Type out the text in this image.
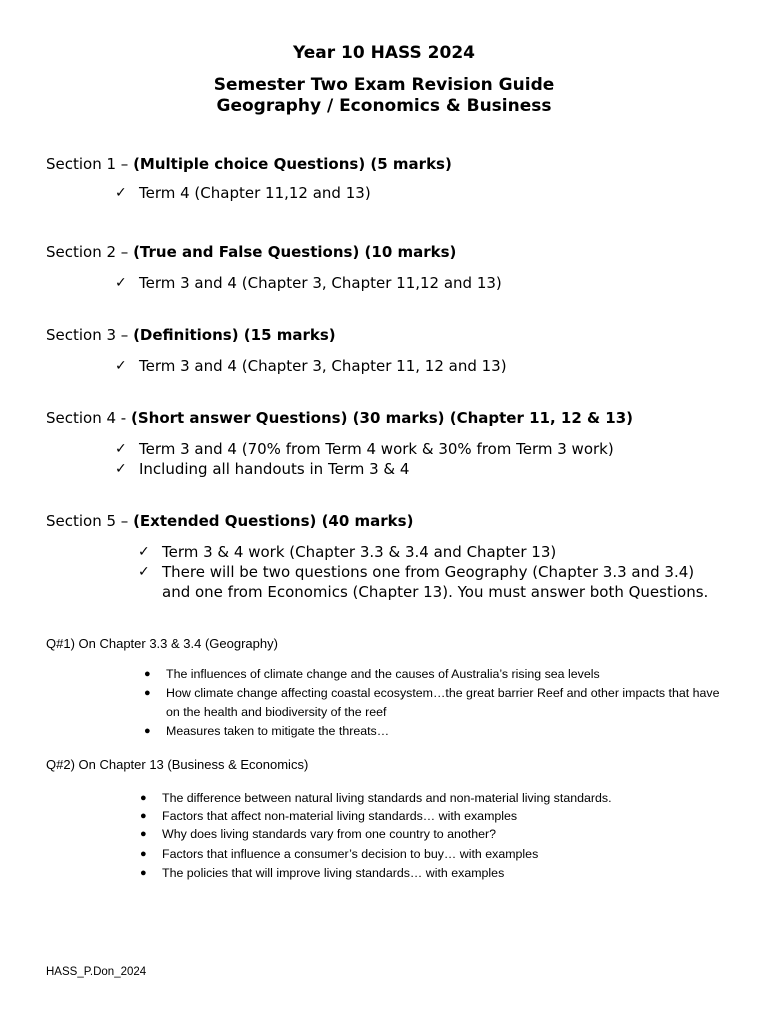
Year 10 HASS 2024
Semester Two Exam Revision Guide
Geography / Economics & Business
Section 1 – (Multiple choice Questions) (5 marks)
✓ Term 4 (Chapter 11,12 and 13)
Section 2 – (True and False Questions) (10 marks)
✓ Term 3 and 4 (Chapter 3, Chapter 11,12 and 13)
Section 3 – (Definitions) (15 marks)
✓ Term 3 and 4 (Chapter 3, Chapter 11, 12 and 13)
Section 4 - (Short answer Questions) (30 marks) (Chapter 11, 12 & 13)
✓ Term 3 and 4 (70% from Term 4 work & 30% from Term 3 work)
✓ Including all handouts in Term 3 & 4
Section 5 – (Extended Questions) (40 marks)
✓ Term 3 & 4 work (Chapter 3.3 & 3.4 and Chapter 13)
✓ There will be two questions one from Geography (Chapter 3.3 and 3.4) and one from Economics (Chapter 13). You must answer both Questions.
Q#1) On Chapter 3.3 & 3.4 (Geography)
● The influences of climate change and the causes of Australia’s rising sea levels
● How climate change affecting coastal ecosystem…the great barrier Reef and other impacts that have on the health and biodiversity of the reef
● Measures taken to mitigate the threats…
Q#2) On Chapter 13 (Business & Economics)
● The difference between natural living standards and non-material living standards.
● Factors that affect non-material living standards… with examples
● Why does living standards vary from one country to another?
● Factors that influence a consumer’s decision to buy… with examples
● The policies that will improve living standards… with examples
HASS_P.Don_2024
